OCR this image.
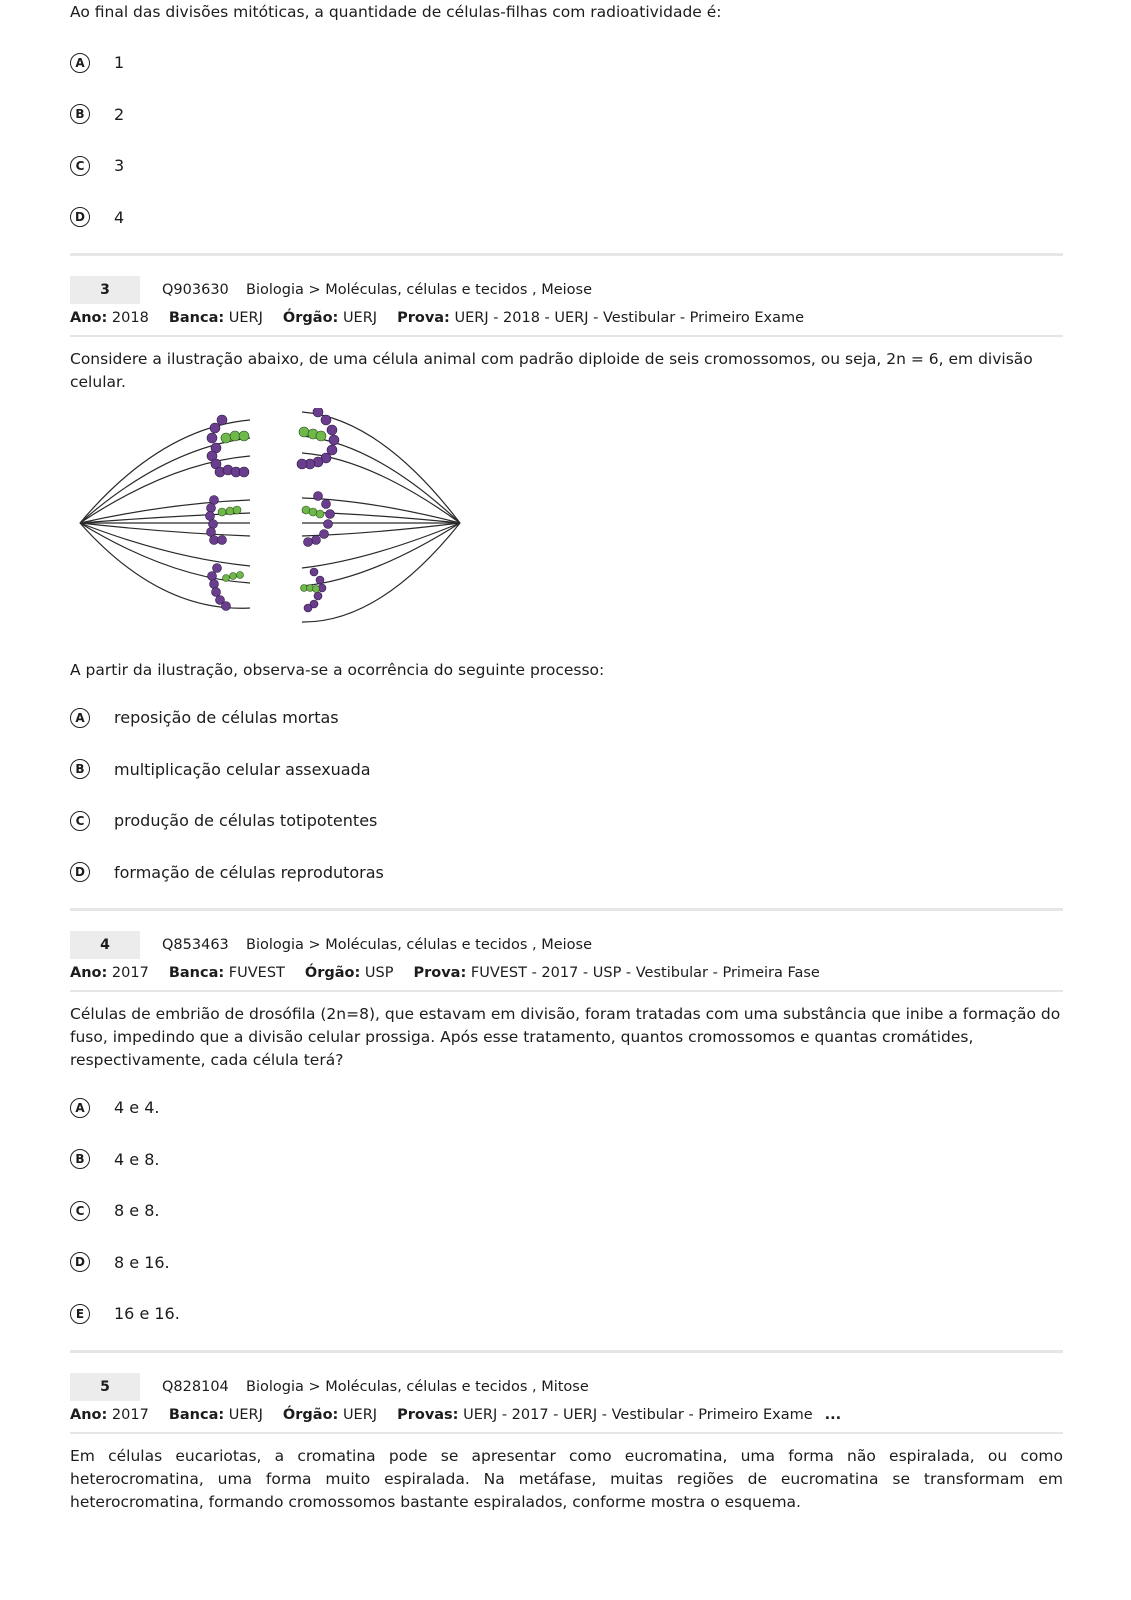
Ao final das divisões mitóticas, a quantidade de células-filhas com radioatividade é:

A	1
B	2
C	3
D	4
3	Q903630	Biologia > Moléculas, células e tecidos , Meiose
Ano: 2018 Banca: UERJ Órgão: UERJ Prova: UERJ - 2018 - UERJ - Vestibular - Primeiro Exame

Considere a ilustração abaixo, de uma célula animal com padrão diploide de seis cromossomos, ou seja, 2n = 6, em divisão celular.

A partir da ilustração, observa-se a ocorrência do seguinte processo:

A	reposição de células mortas
B	multiplicação celular assexuada
C	produção de células totipotentes
D	formação de células reprodutoras
4	Q853463	Biologia > Moléculas, células e tecidos , Meiose
Ano: 2017 Banca: FUVEST Órgão: USP Prova: FUVEST - 2017 - USP - Vestibular - Primeira Fase

Células de embrião de drosófila (2n=8), que estavam em divisão, foram tratadas com uma substância que inibe a formação do fuso, impedindo que a divisão celular prossiga. Após esse tratamento, quantos cromossomos e quantas cromátides, respectivamente, cada célula terá?

A	4 e 4.
B	4 e 8.
C	8 e 8.
D	8 e 16.
E	16 e 16.
5	Q828104	Biologia > Moléculas, células e tecidos , Mitose
Ano: 2017 Banca: UERJ Órgão: UERJ Provas: UERJ - 2017 - UERJ - Vestibular - Primeiro Exame ...

Em células eucariotas, a cromatina pode se apresentar como eucromatina, uma forma não espiralada, ou como heterocromatina, uma forma muito espiralada. Na metáfase, muitas regiões de eucromatina se transformam em heterocromatina, formando cromossomos bastante espiralados, conforme mostra o esquema.
